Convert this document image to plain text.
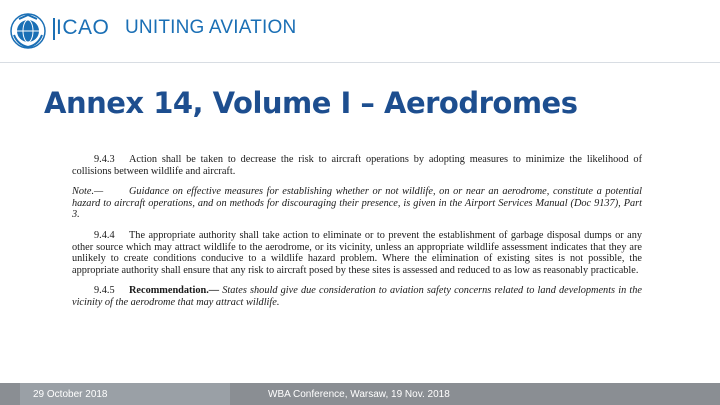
ICAO UNITING AVIATION
Annex 14, Volume I – Aerodromes

9.4.3 Action shall be taken to decrease the risk to aircraft operations by adopting measures to minimize the likelihood of collisions between wildlife and aircraft.

Note.—	Guidance on effective measures for establishing whether or not wildlife, on or near an aerodrome, constitute a potential hazard to aircraft operations, and on methods for discouraging their presence, is given in the Airport Services Manual (Doc 9137), Part 3.

9.4.4 The appropriate authority shall take action to eliminate or to prevent the establishment of garbage disposal dumps or any other source which may attract wildlife to the aerodrome, or its vicinity, unless an appropriate wildlife assessment indicates that they are unlikely to create conditions conducive to a wildlife hazard problem. Where the elimination of existing sites is not possible, the appropriate authority shall ensure that any risk to aircraft posed by these sites is assessed and reduced to as low as reasonably practicable.

9.4.5 Recommendation.— States should give due consideration to aviation safety concerns related to land developments in the vicinity of the aerodrome that may attract wildlife.

29 October 2018	WBA Conference, Warsaw, 19 Nov. 2018
